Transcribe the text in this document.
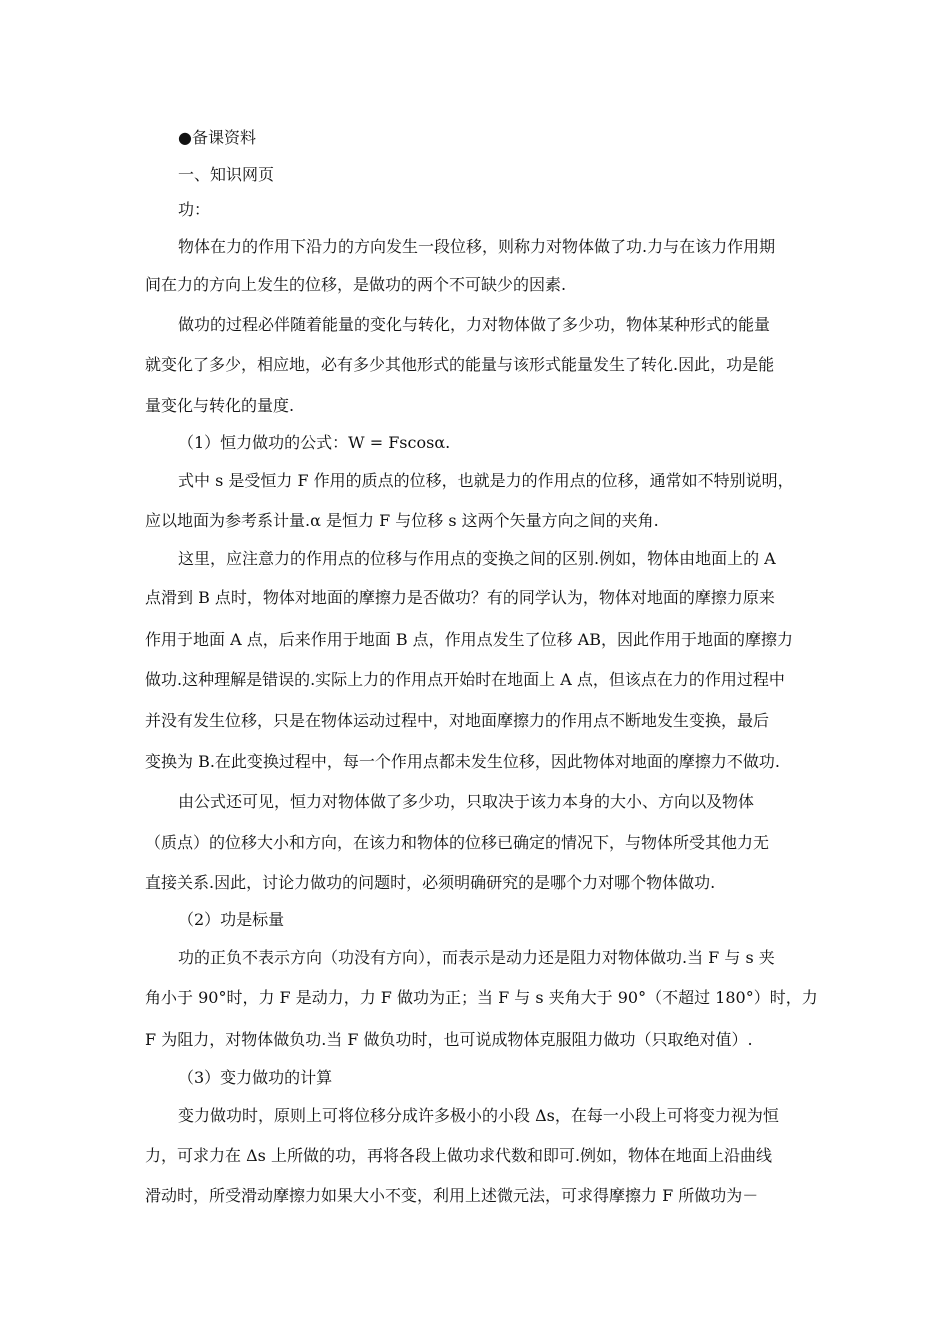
●备课资料
一、知识网页
功：
物体在力的作用下沿力的方向发生一段位移，则称力对物体做了功.力与在该力作用期
间在力的方向上发生的位移，是做功的两个不可缺少的因素.
做功的过程必伴随着能量的变化与转化，力对物体做了多少功，物体某种形式的能量
就变化了多少，相应地，必有多少其他形式的能量与该形式能量发生了转化.因此，功是能
量变化与转化的量度.
（1）恒力做功的公式：W = Fscosα.
式中 s 是受恒力 F 作用的质点的位移，也就是力的作用点的位移，通常如不特别说明，
应以地面为参考系计量.α 是恒力 F 与位移 s 这两个矢量方向之间的夹角.
这里，应注意力的作用点的位移与作用点的变换之间的区别.例如，物体由地面上的 A
点滑到 B 点时，物体对地面的摩擦力是否做功？有的同学认为，物体对地面的摩擦力原来
作用于地面 A 点，后来作用于地面 B 点，作用点发生了位移 AB，因此作用于地面的摩擦力
做功.这种理解是错误的.实际上力的作用点开始时在地面上 A 点，但该点在力的作用过程中
并没有发生位移，只是在物体运动过程中，对地面摩擦力的作用点不断地发生变换，最后
变换为 B.在此变换过程中，每一个作用点都未发生位移，因此物体对地面的摩擦力不做功.
由公式还可见，恒力对物体做了多少功，只取决于该力本身的大小、方向以及物体
（质点）的位移大小和方向，在该力和物体的位移已确定的情况下，与物体所受其他力无
直接关系.因此，讨论力做功的问题时，必须明确研究的是哪个力对哪个物体做功.
（2）功是标量
功的正负不表示方向（功没有方向），而表示是动力还是阻力对物体做功.当 F 与 s 夹
角小于 90°时，力 F 是动力，力 F 做功为正；当 F 与 s 夹角大于 90°（不超过 180°）时，力
F 为阻力，对物体做负功.当 F 做负功时，也可说成物体克服阻力做功（只取绝对值）.
（3）变力做功的计算
变力做功时，原则上可将位移分成许多极小的小段 Δs，在每一小段上可将变力视为恒
力，可求力在 Δs 上所做的功，再将各段上做功求代数和即可.例如，物体在地面上沿曲线
滑动时，所受滑动摩擦力如果大小不变，利用上述微元法，可求得摩擦力 F 所做功为－
